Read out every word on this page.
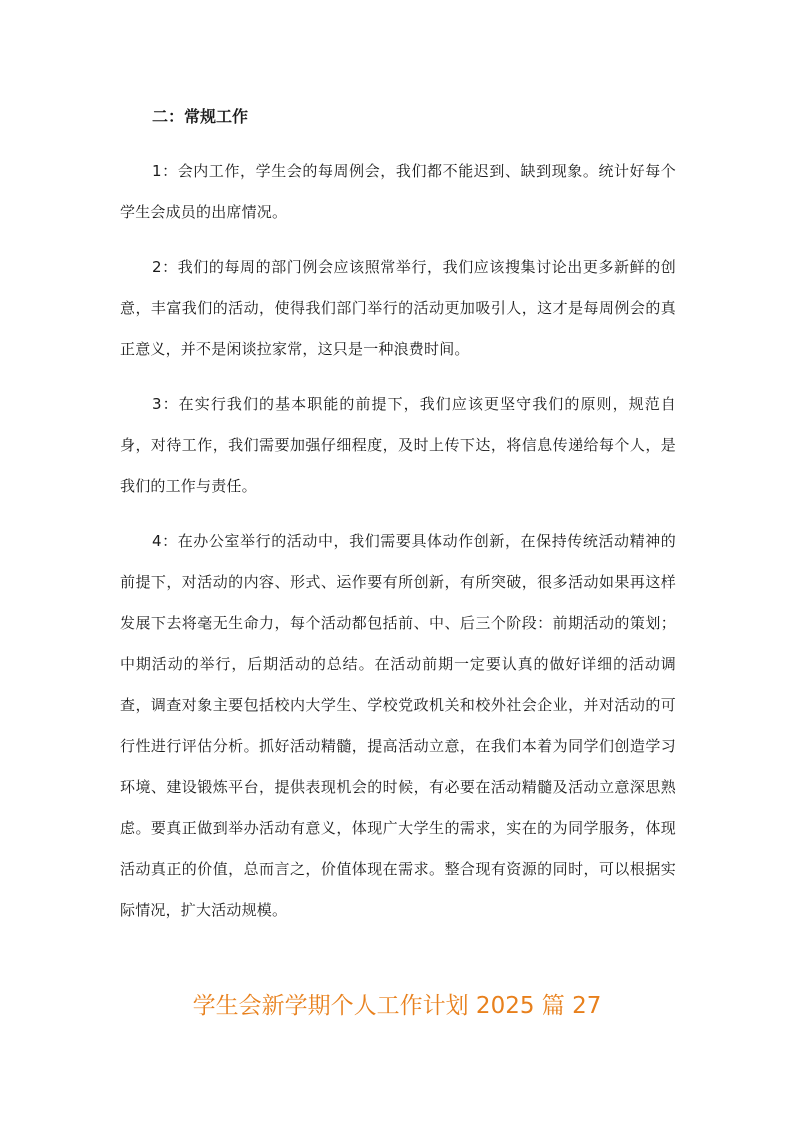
二：常规工作

1：会内工作，学生会的每周例会，我们都不能迟到、缺到现象。统计好每个学生会成员的出席情况。

2：我们的每周的部门例会应该照常举行，我们应该搜集讨论出更多新鲜的创意，丰富我们的活动，使得我们部门举行的活动更加吸引人，这才是每周例会的真正意义，并不是闲谈拉家常，这只是一种浪费时间。

3：在实行我们的基本职能的前提下，我们应该更坚守我们的原则，规范自身，对待工作，我们需要加强仔细程度，及时上传下达，将信息传递给每个人，是我们的工作与责任。

4：在办公室举行的活动中，我们需要具体动作创新，在保持传统活动精神的前提下，对活动的内容、形式、运作要有所创新，有所突破，很多活动如果再这样发展下去将毫无生命力，每个活动都包括前、中、后三个阶段：前期活动的策划；中期活动的举行，后期活动的总结。在活动前期一定要认真的做好详细的活动调查，调查对象主要包括校内大学生、学校党政机关和校外社会企业，并对活动的可行性进行评估分析。抓好活动精髓，提高活动立意，在我们本着为同学们创造学习环境、建设锻炼平台，提供表现机会的时候，有必要在活动精髓及活动立意深思熟虑。要真正做到举办活动有意义，体现广大学生的需求，实在的为同学服务，体现活动真正的价值，总而言之，价值体现在需求。整合现有资源的同时，可以根据实际情况，扩大活动规模。

学生会新学期个人工作计划 2025 篇 27
